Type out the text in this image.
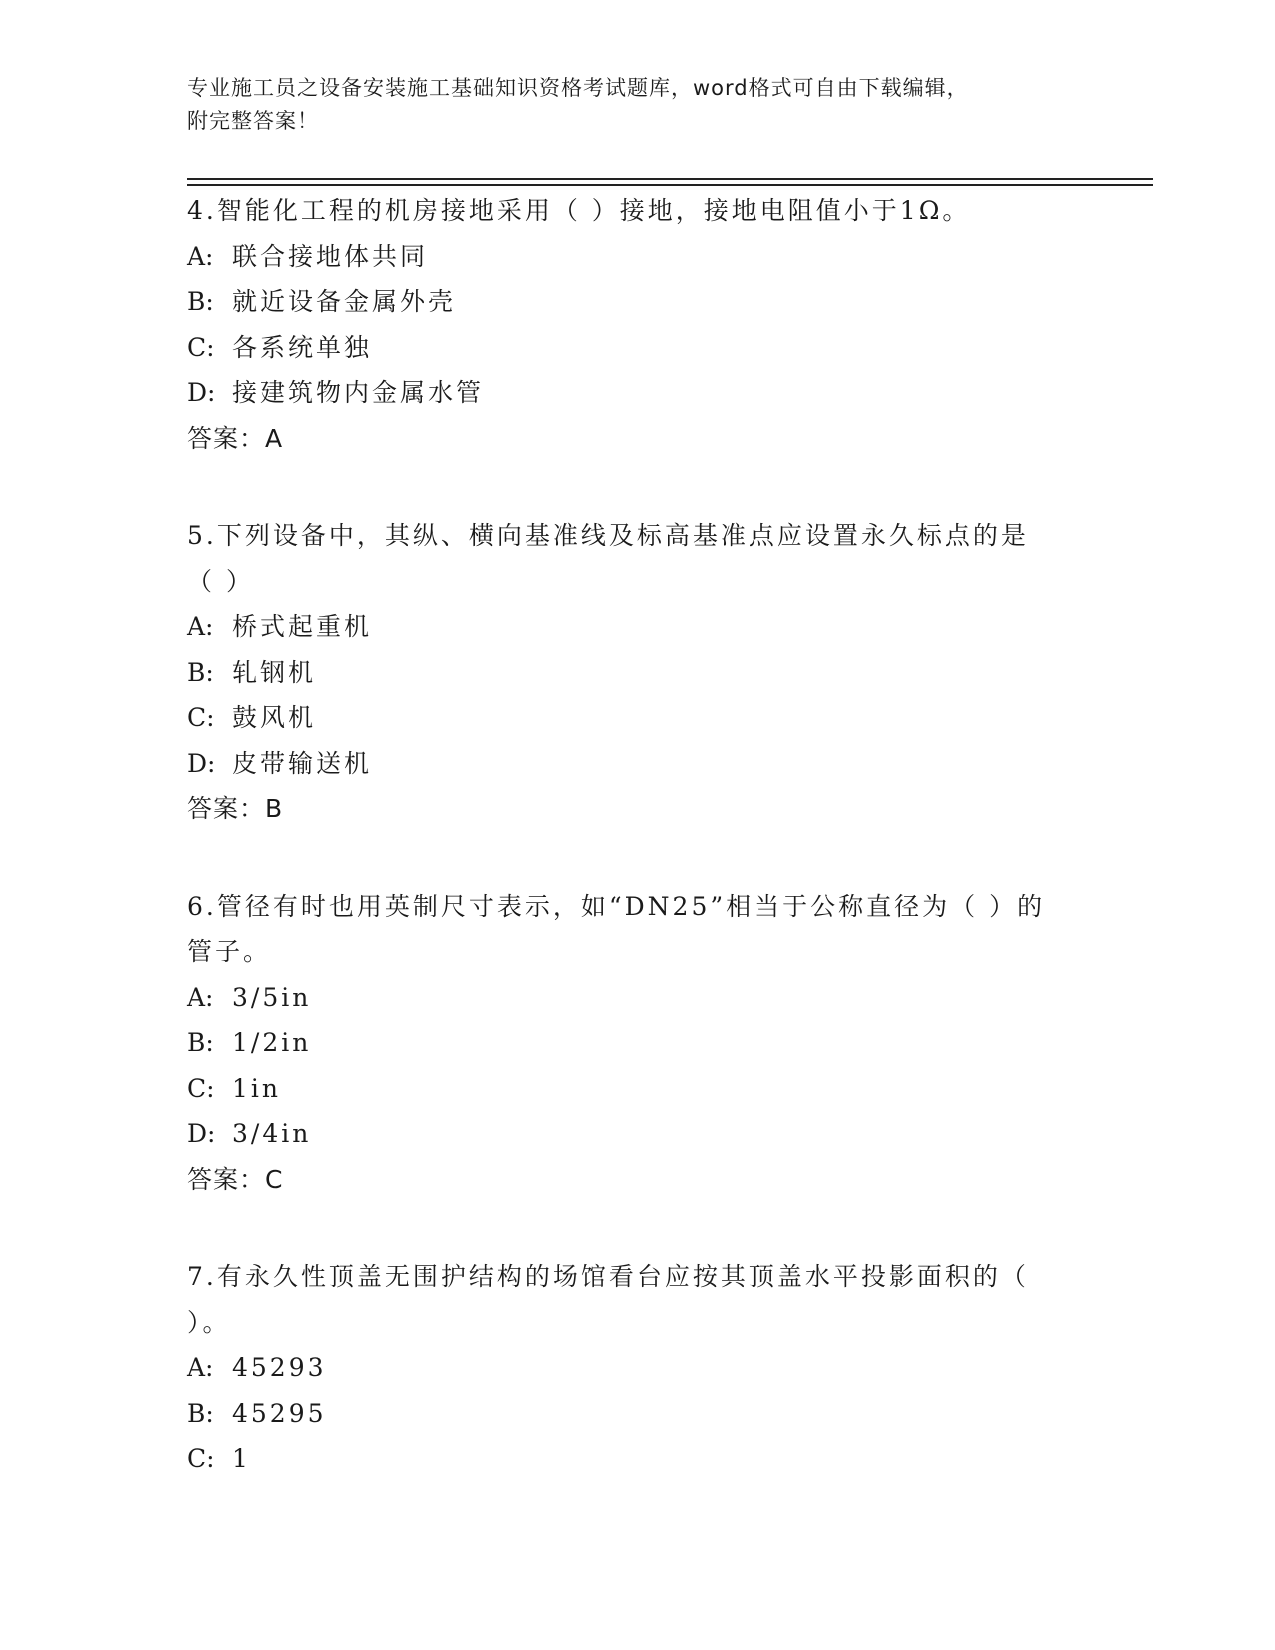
专业施工员之设备安装施工基础知识资格考试题库，word格式可自由下载编辑，
附完整答案！
4.智能化工程的机房接地采用（ ）接地，接地电阻值小于1Ω。
A: 联合接地体共同
B: 就近设备金属外壳
C: 各系统单独
D: 接建筑物内金属水管
答案：A
5.下列设备中，其纵、横向基准线及标高基准点应设置永久标点的是
（ ）
A: 桥式起重机
B: 轧钢机
C: 鼓风机
D: 皮带输送机
答案：B
6.管径有时也用英制尺寸表示，如“DN25”相当于公称直径为（ ）的
管子。
A: 3/5in
B: 1/2in
C: 1in
D: 3/4in
答案：C
7.有永久性顶盖无围护结构的场馆看台应按其顶盖水平投影面积的（
）。
A: 45293
B: 45295
C: 1
